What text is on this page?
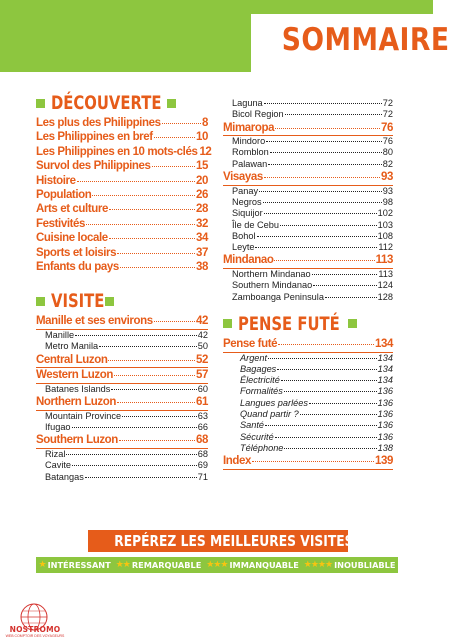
SOMMAIRE
DÉCOUVERTE
Les plus des Philippines	8
Les Philippines en bref	10
Les Philippines en 10 mots-clés 12
Survol des Philippines	15
Histoire	20
Population	26
Arts et culture	28
Festivités	32
Cuisine locale	34
Sports et loisirs	37
Enfants du pays	38
VISITE
Manille et ses environs	42
Manille	42
Metro Manila	50
Central Luzon	52
Western Luzon	57
Batanes Islands	60
Northern Luzon	61
Mountain Province	63
Ifugao	66
Southern Luzon	68
Rizal	68
Cavite	69
Batangas	71
Laguna	72
Bicol Region	72
Mimaropa	76
Mindoro	76
Romblon	80
Palawan	82
Visayas	93
Panay	93
Negros	98
Siquijor	102
Île de Cebu	103
Bohol	108
Leyte	112
Mindanao	113
Northern Mindanao	113
Southern Mindanao	124
Zamboanga Peninsula	128
PENSE FUTÉ
Pense futé	134
Argent	134
Bagages	134
Électricité	134
Formalités	136
Langues parlées	136
Quand partir ?	136
Santé	136
Sécurité	136
Téléphone	138
Index	139
REPÉREZ LES MEILLEURES VISITES
★ INTÉRESSANT ★★ REMARQUABLE ★★★ IMMANQUABLE ★★★★ INOUBLIABLE
NOSTROMO
WEB COMPTOIR DES VOYAGEURS
